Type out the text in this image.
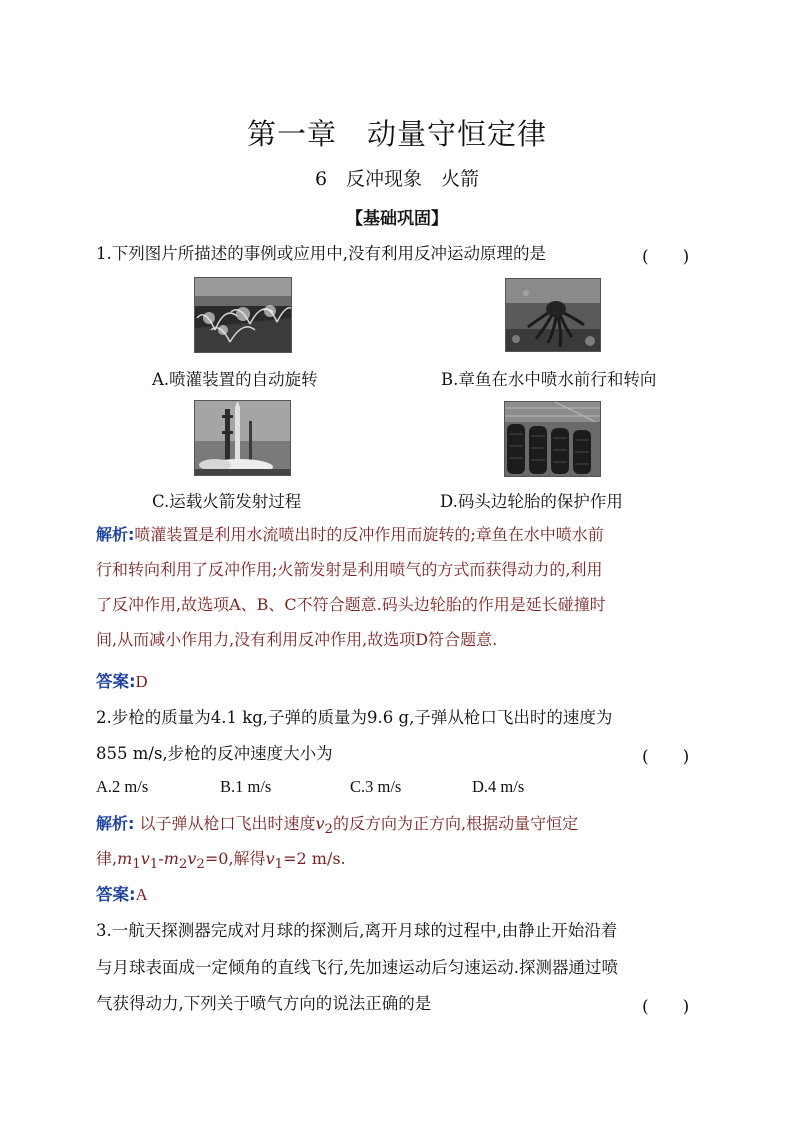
第一章　动量守恒定律
6　反冲现象　火箭
【基础巩固】
1.下列图片所描述的事例或应用中,没有利用反冲运动原理的是	(　　)
A.喷灌装置的自动旋转	B.章鱼在水中喷水前行和转向
C.运载火箭发射过程	D.码头边轮胎的保护作用
解析:喷灌装置是利用水流喷出时的反冲作用而旋转的;章鱼在水中喷水前
行和转向利用了反冲作用;火箭发射是利用喷气的方式而获得动力的,利用
了反冲作用,故选项A、B、C不符合题意.码头边轮胎的作用是延长碰撞时
间,从而减小作用力,没有利用反冲作用,故选项D符合题意.
答案:D
2.步枪的质量为4.1 kg,子弹的质量为9.6 g,子弹从枪口飞出时的速度为
855 m/s,步枪的反冲速度大小为	(　　)
A.2 m/s	B.1 m/s	C.3 m/s	D.4 m/s
解析: 以子弹从枪口飞出时速度$v_2$的反方向为正方向,根据动量守恒定
律$,m_1v_1-m_2v_2=0$,解得$v_1=2$ m/s.
答案:A
3.一航天探测器完成对月球的探测后,离开月球的过程中,由静止开始沿着
与月球表面成一定倾角的直线飞行,先加速运动后匀速运动.探测器通过喷
气获得动力,下列关于喷气方向的说法正确的是	(　　)
